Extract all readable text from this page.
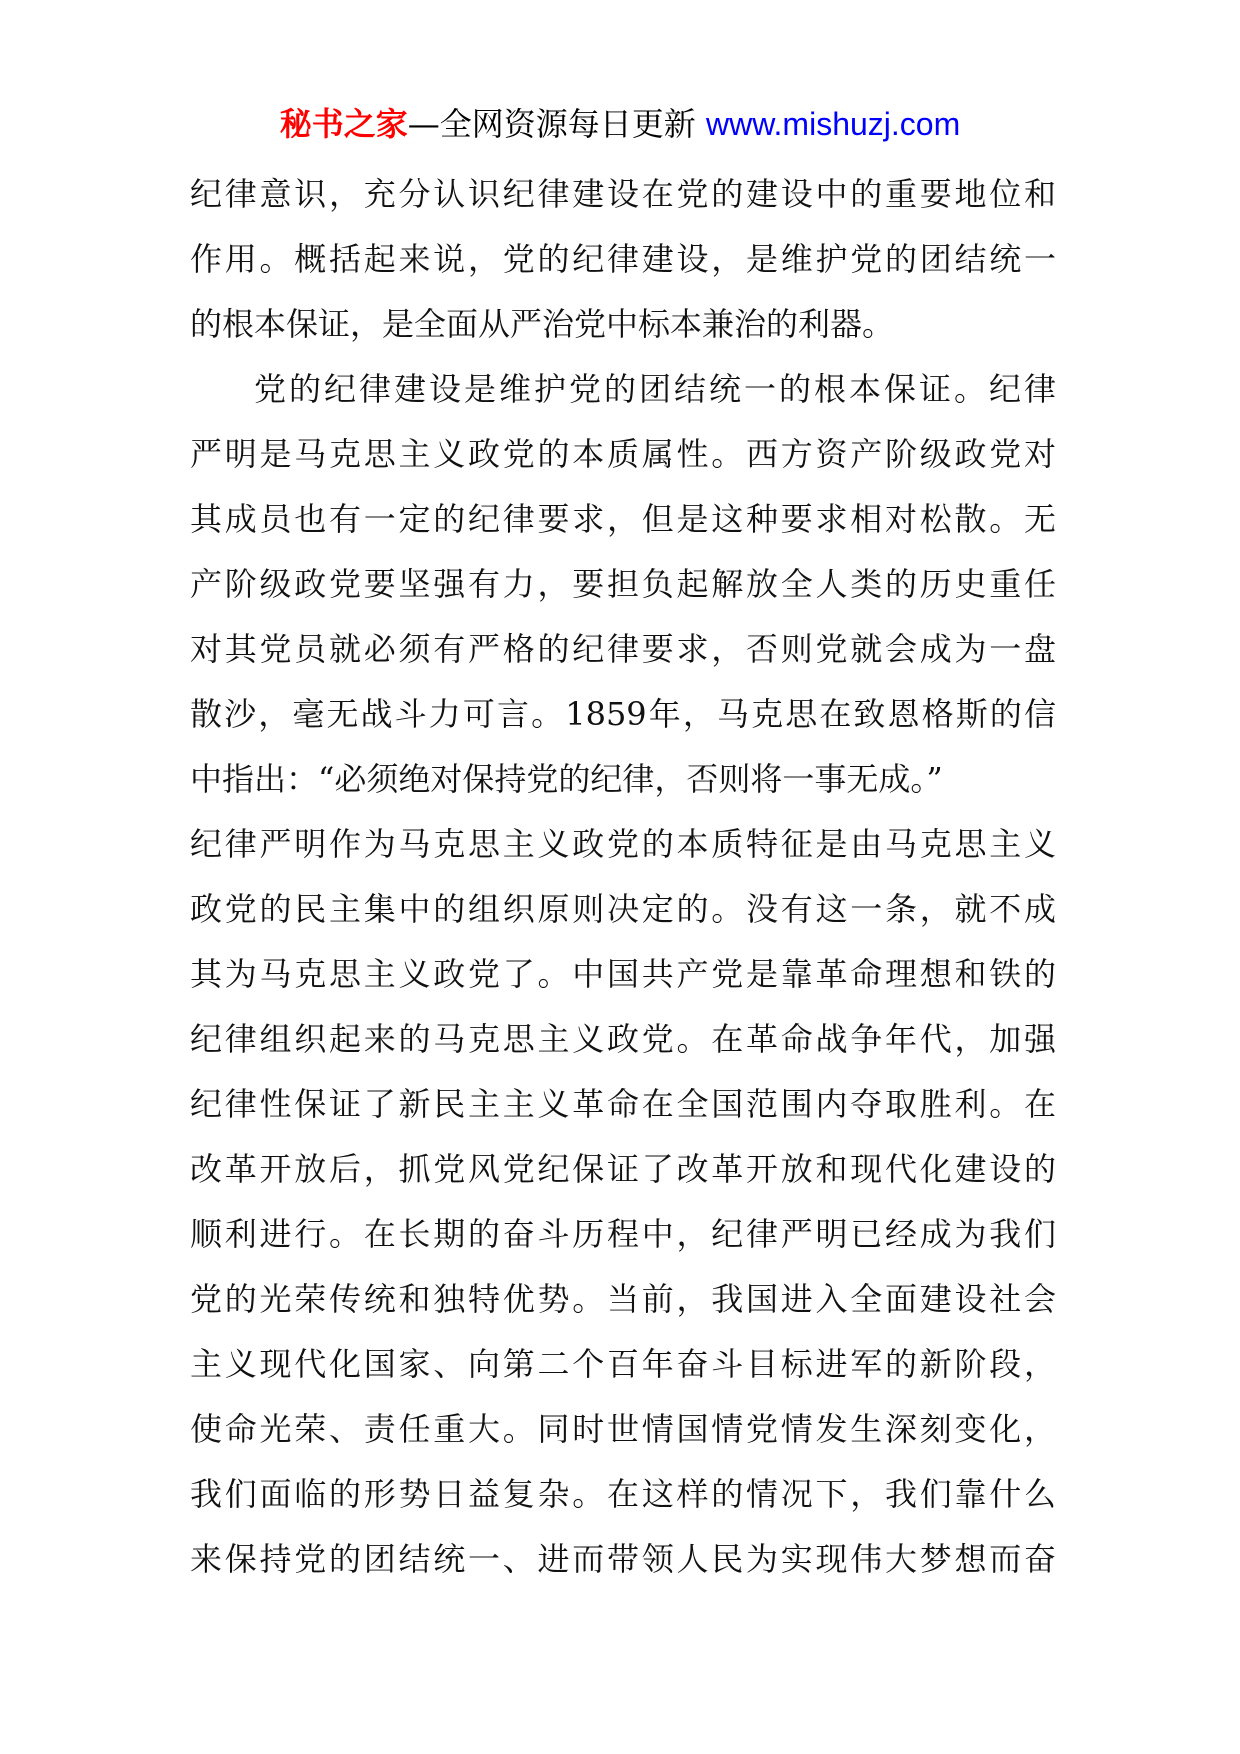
秘书之家—全网资源每日更新 www.mishuzj.com
纪律意识，充分认识纪律建设在党的建设中的重要地位和
作用。概括起来说，党的纪律建设，是维护党的团结统一
的根本保证，是全面从严治党中标本兼治的利器。
党的纪律建设是维护党的团结统一的根本保证。纪律
严明是马克思主义政党的本质属性。西方资产阶级政党对
其成员也有一定的纪律要求，但是这种要求相对松散。无
产阶级政党要坚强有力，要担负起解放全人类的历史重任
对其党员就必须有严格的纪律要求，否则党就会成为一盘
散沙，毫无战斗力可言。1859年，马克思在致恩格斯的信
中指出：“必须绝对保持党的纪律，否则将一事无成。”
纪律严明作为马克思主义政党的本质特征是由马克思主义
政党的民主集中的组织原则决定的。没有这一条，就不成
其为马克思主义政党了。中国共产党是靠革命理想和铁的
纪律组织起来的马克思主义政党。在革命战争年代，加强
纪律性保证了新民主主义革命在全国范围内夺取胜利。在
改革开放后，抓党风党纪保证了改革开放和现代化建设的
顺利进行。在长期的奋斗历程中，纪律严明已经成为我们
党的光荣传统和独特优势。当前，我国进入全面建设社会
主义现代化国家、向第二个百年奋斗目标进军的新阶段，
使命光荣、责任重大。同时世情国情党情发生深刻变化，
我们面临的形势日益复杂。在这样的情况下，我们靠什么
来保持党的团结统一、进而带领人民为实现伟大梦想而奋
